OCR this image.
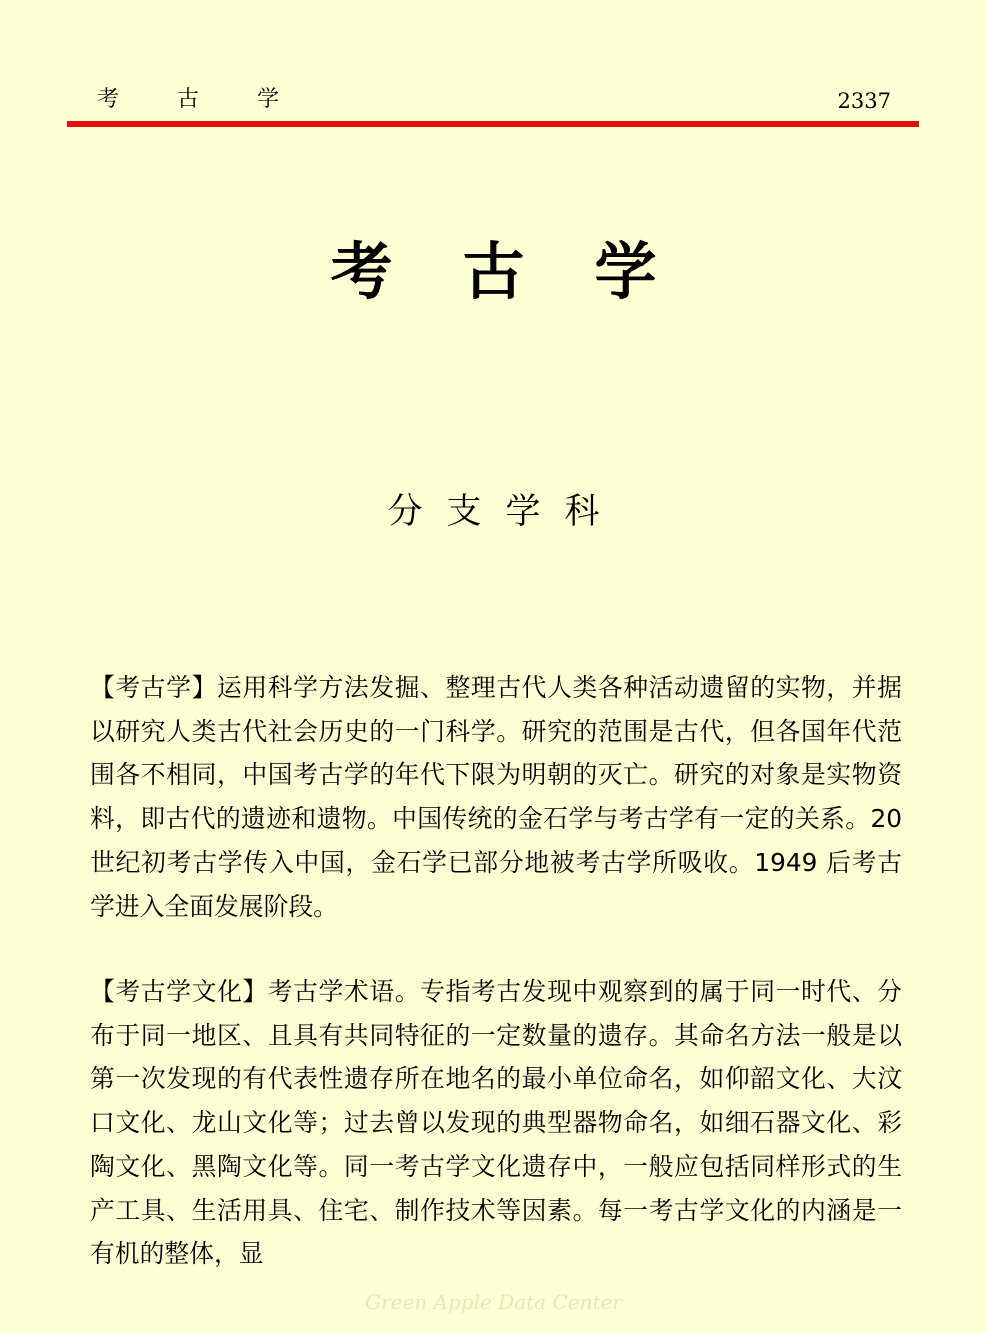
考古学	2337
考古学
分支学科

【考古学】运用科学方法发掘、整理古代人类各种活动遗留的实物，并据以研究人类古代社会历史的一门科学。研究的范围是古代，但各国年代范围各不相同，中国考古学的年代下限为明朝的灭亡。研究的对象是实物资料，即古代的遗迹和遗物。中国传统的金石学与考古学有一定的关系。20 世纪初考古学传入中国，金石学已部分地被考古学所吸收。1949 后考古学进入全面发展阶段。

【考古学文化】考古学术语。专指考古发现中观察到的属于同一时代、分布于同一地区、且具有共同特征的一定数量的遗存。其命名方法一般是以第一次发现的有代表性遗存所在地名的最小单位命名，如仰韶文化、大汶口文化、龙山文化等；过去曾以发现的典型器物命名，如细石器文化、彩陶文化、黑陶文化等。同一考古学文化遗存中，一般应包括同样形式的生产工具、生活用具、住宅、制作技术等因素。每一考古学文化的内涵是一有机的整体，显

Green Apple Data Center
